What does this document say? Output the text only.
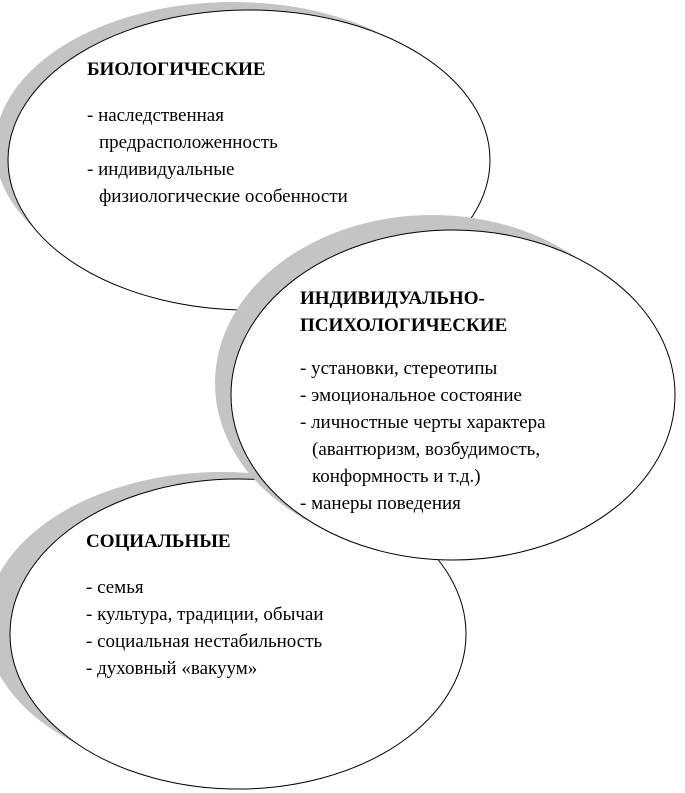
БИОЛОГИЧЕСКИЕ
- наследственная
предрасположенность
- индивидуальные
физиологические особенности
ИНДИВИДУАЛЬНО-
ПСИХОЛОГИЧЕСКИЕ
- установки, стереотипы
- эмоциональное состояние
- личностные черты характера
(авантюризм, возбудимость,
конформность и т.д.)
- манеры поведения
СОЦИАЛЬНЫЕ
- семья
- культура, традиции, обычаи
- социальная нестабильность
- духовный «вакуум»
